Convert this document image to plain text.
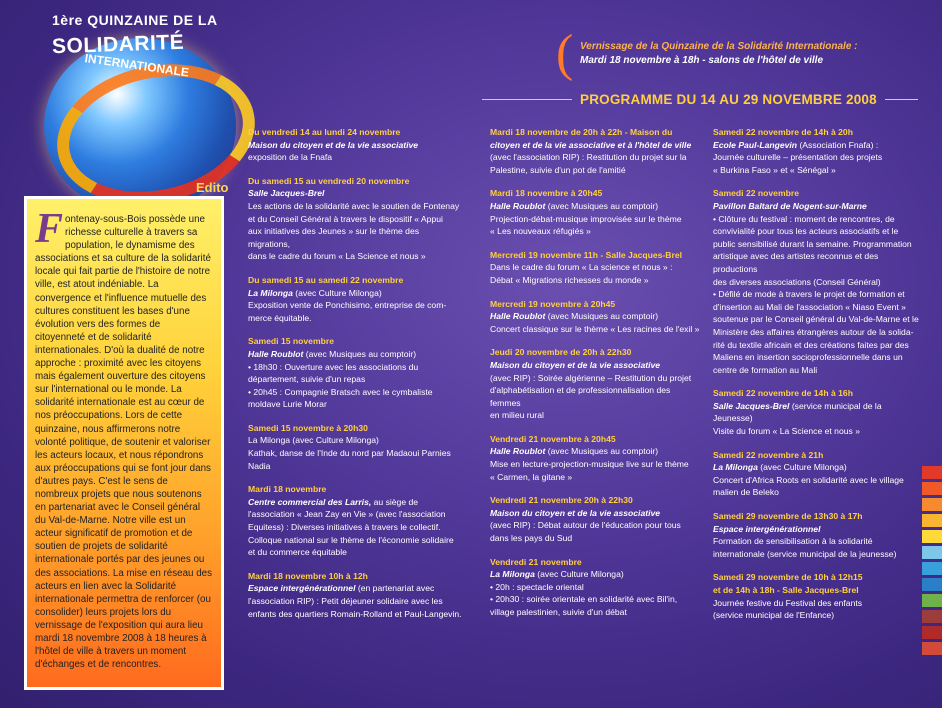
1ère QUINZAINE DE LA
SOLIDARITÉ
INTERNATIONALE
Edito

Fontenay-sous-Bois possède une richesse culturelle à travers sa population, le dynamisme des associations et sa culture de la solidarité locale qui fait partie de l'histoire de notre ville, est atout indéniable. La convergence et l'influence mutuelle des cultures constituent les bases d'une évolution vers des formes de citoyenneté et de solidarité internationales. D'où la dualité de notre approche : proximité avec les citoyens mais également ouverture des citoyens sur l'international ou le monde. La solidarité internationale est au cœur de nos préoccupations. Lors de cette quinzaine, nous affirmerons notre volonté politique, de soutenir et valoriser les acteurs locaux, et nous répondrons aux préoccupations qui se font jour dans d'autres pays. C'est le sens de nombreux projets que nous soutenons en partenariat avec le Conseil général du Val-de-Marne. Notre ville est un acteur significatif de promotion et de soutien de projets de solidarité internationale portés par des jeunes ou des associations. La mise en réseau des acteurs en lien avec la Solidarité internationale permettra de renforcer (ou consolider) leurs projets lors du vernissage de l'exposition qui aura lieu mardi 18 novembre 2008 à 18 heures à l'hôtel de ville à travers un moment d'échanges et de rencontres.

( Vernissage de la Quinzaine de la Solidarité Internationale :
Mardi 18 novembre à 18h - salons de l'hôtel de ville
PROGRAMME DU 14 AU 29 NOVEMBRE 2008
Du vendredi 14 au lundi 24 novembre
Maison du citoyen et de la vie associative
exposition de la Fnafa
Du samedi 15 au vendredi 20 novembre
Salle Jacques-Brel
Les actions de la solidarité avec le soutien de Fontenay
et du Conseil Général à travers le dispositif « Appui
aux initiatives des Jeunes » sur le thème des migrations,
dans le cadre du forum « La Science et nous »
Du samedi 15 au samedi 22 novembre
La Milonga (avec Culture Milonga)
Exposition vente de Ponchisimo, entreprise de com-
merce équitable.
Samedi 15 novembre
Halle Roublot (avec Musiques au comptoir)
• 18h30 : Ouverture avec les associations du
département, suivie d'un repas
• 20h45 : Compagnie Bratsch avec le cymbaliste
moldave Lurie Morar
Samedi 15 novembre à 20h30
La Milonga (avec Culture Milonga)
Kathak, danse de l'Inde du nord par Madaoui Parnies Nadia
Mardi 18 novembre
Centre commercial des Larris, au siège de
l'association « Jean Zay en Vie » (avec l'association
Equitess) : Diverses initiatives à travers le collectif.
Colloque national sur le thème de l'économie solidaire
et du commerce équitable
Mardi 18 novembre 10h à 12h
Espace intergénérationnel (en partenariat avec
l'association RIP) : Petit déjeuner solidaire avec les
enfants des quartiers Romain-Rolland et Paul-Langevin.
Mardi 18 novembre de 20h à 22h - Maison du
citoyen et de la vie associative et à l'hôtel de ville
(avec l'association RIP) : Restitution du projet sur la
Palestine, suivie d'un pot de l'amitié
Mardi 18 novembre à 20h45
Halle Roublot (avec Musiques au comptoir)
Projection-débat-musique improvisée sur le thème
« Les nouveaux réfugiés »
Mercredi 19 novembre 11h - Salle Jacques-Brel
Dans le cadre du forum « La science et nous » :
Débat « Migrations richesses du monde »
Mercredi 19 novembre à 20h45
Halle Roublot (avec Musiques au comptoir)
Concert classique sur le thème « Les racines de l'exil »
Jeudi 20 novembre de 20h à 22h30
Maison du citoyen et de la vie associative
(avec RIP) : Soirée algérienne – Restitution du projet
d'alphabétisation et de professionnalisation des femmes
en milieu rural
Vendredi 21 novembre à 20h45
Halle Roublot (avec Musiques au comptoir)
Mise en lecture-projection-musique live sur le thème
« Carmen, la gitane »
Vendredi 21 novembre 20h à 22h30
Maison du citoyen et de la vie associative
(avec RIP) : Débat autour de l'éducation pour tous
dans les pays du Sud
Vendredi 21 novembre
La Milonga (avec Culture Milonga)
• 20h : spectacle oriental
• 20h30 : soirée orientale en solidarité avec Bil'in,
village palestinien, suivie d'un débat
Samedi 22 novembre de 14h à 20h
Ecole Paul-Langevin (Association Fnafa) :
Journée culturelle – présentation des projets
« Burkina Faso » et « Sénégal »
Samedi 22 novembre
Pavillon Baltard de Nogent-sur-Marne
• Clôture du festival : moment de rencontres, de
convivialité pour tous les acteurs associatifs et le
public sensibilisé durant la semaine. Programmation
artistique avec des artistes reconnus et des productions
des diverses associations (Conseil Général)
• Défilé de mode à travers le projet de formation et
d'insertion au Mali de l'association « Niaso Event »
soutenue par le Conseil général du Val-de-Marne et le
Ministère des affaires étrangères autour de la solida-
rité du textile africain et des créations faites par des
Maliens en insertion socioprofessionnelle dans un
centre de formation au Mali
Samedi 22 novembre de 14h à 16h
Salle Jacques-Brel (service municipal de la Jeunesse)
Visite du forum « La Science et nous »
Samedi 22 novembre à 21h
La Milonga (avec Culture Milonga)
Concert d'Africa Roots en solidarité avec le village
malien de Beleko
Samedi 29 novembre de 13h30 à 17h
Espace intergénérationnel
Formation de sensibilisation à la solidarité
internationale (service municipal de la jeunesse)
Samedi 29 novembre de 10h à 12h15
et de 14h à 18h - Salle Jacques-Brel
Journée festive du Festival des enfants
(service municipal de l'Enfance)
